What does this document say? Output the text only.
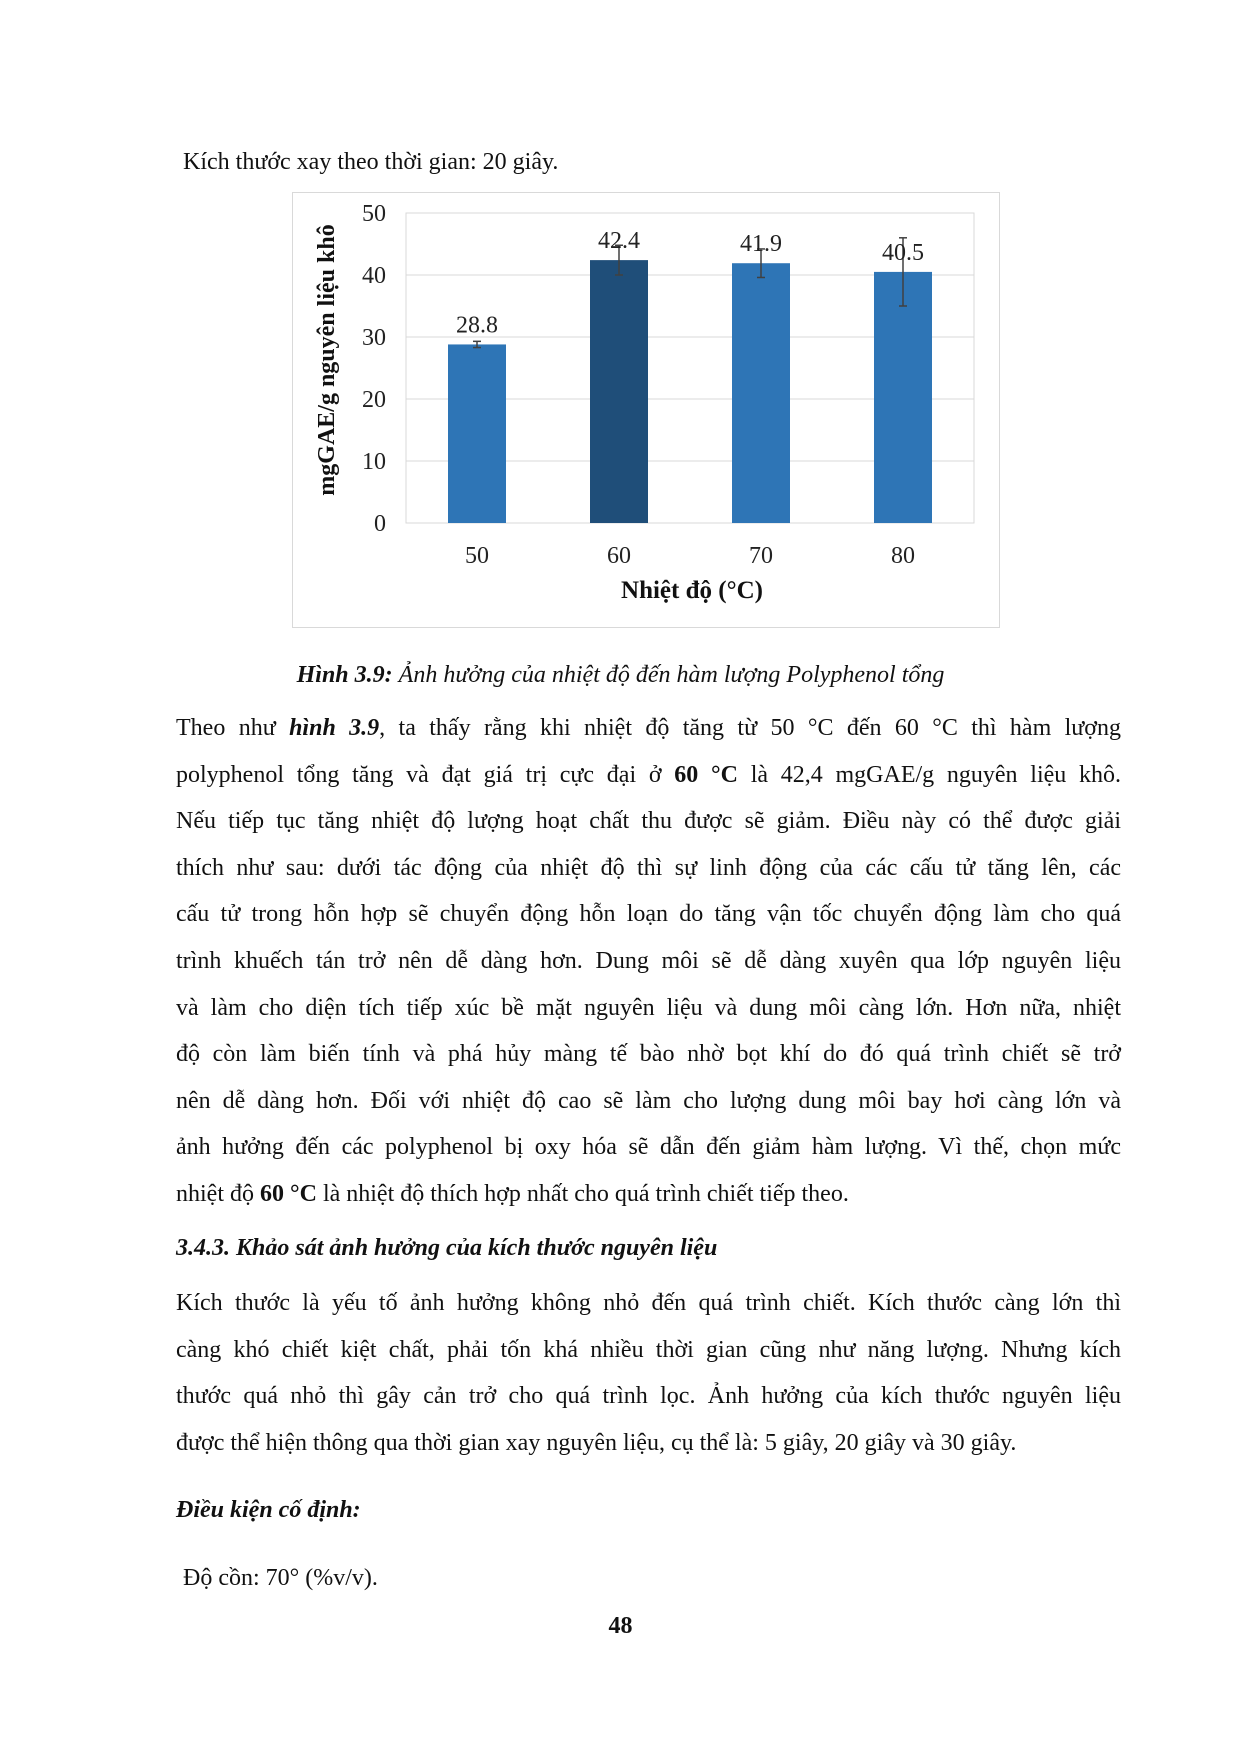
Kích thước xay theo thời gian: 20 giây.
0
10
20
30
40
50
28.8
50
42.4
60
41.9
70
40.5
80
Nhiệt độ (°C)
mgGAE/g nguyên liệu khô
Hình 3.9: Ảnh hưởng của nhiệt độ đến hàm lượng Polyphenol tổng
Theo như hình 3.9, ta thấy rằng khi nhiệt độ tăng từ 50 °C đến 60 °C thì hàm lượng
polyphenol tổng tăng và đạt giá trị cực đại ở 60 °C là 42,4 mgGAE/g nguyên liệu khô.
Nếu tiếp tục tăng nhiệt độ lượng hoạt chất thu được sẽ giảm. Điều này có thể được giải
thích như sau: dưới tác động của nhiệt độ thì sự linh động của các cấu tử tăng lên, các
cấu tử trong hỗn hợp sẽ chuyển động hỗn loạn do tăng vận tốc chuyển động làm cho quá
trình khuếch tán trở nên dễ dàng hơn. Dung môi sẽ dễ dàng xuyên qua lớp nguyên liệu
và làm cho diện tích tiếp xúc bề mặt nguyên liệu và dung môi càng lớn. Hơn nữa, nhiệt
độ còn làm biến tính và phá hủy màng tế bào nhờ bọt khí do đó quá trình chiết sẽ trở
nên dễ dàng hơn. Đối với nhiệt độ cao sẽ làm cho lượng dung môi bay hơi càng lớn và
ảnh hưởng đến các polyphenol bị oxy hóa sẽ dẫn đến giảm hàm lượng. Vì thế, chọn mức
nhiệt độ 60 °C là nhiệt độ thích hợp nhất cho quá trình chiết tiếp theo.
3.4.3. Khảo sát ảnh hưởng của kích thước nguyên liệu
Kích thước là yếu tố ảnh hưởng không nhỏ đến quá trình chiết. Kích thước càng lớn thì
càng khó chiết kiệt chất, phải tốn khá nhiều thời gian cũng như năng lượng. Nhưng kích
thước quá nhỏ thì gây cản trở cho quá trình lọc. Ảnh hưởng của kích thước nguyên liệu
được thể hiện thông qua thời gian xay nguyên liệu, cụ thể là: 5 giây, 20 giây và 30 giây.
Điều kiện cố định:
Độ cồn: 70° (%v/v).
48
